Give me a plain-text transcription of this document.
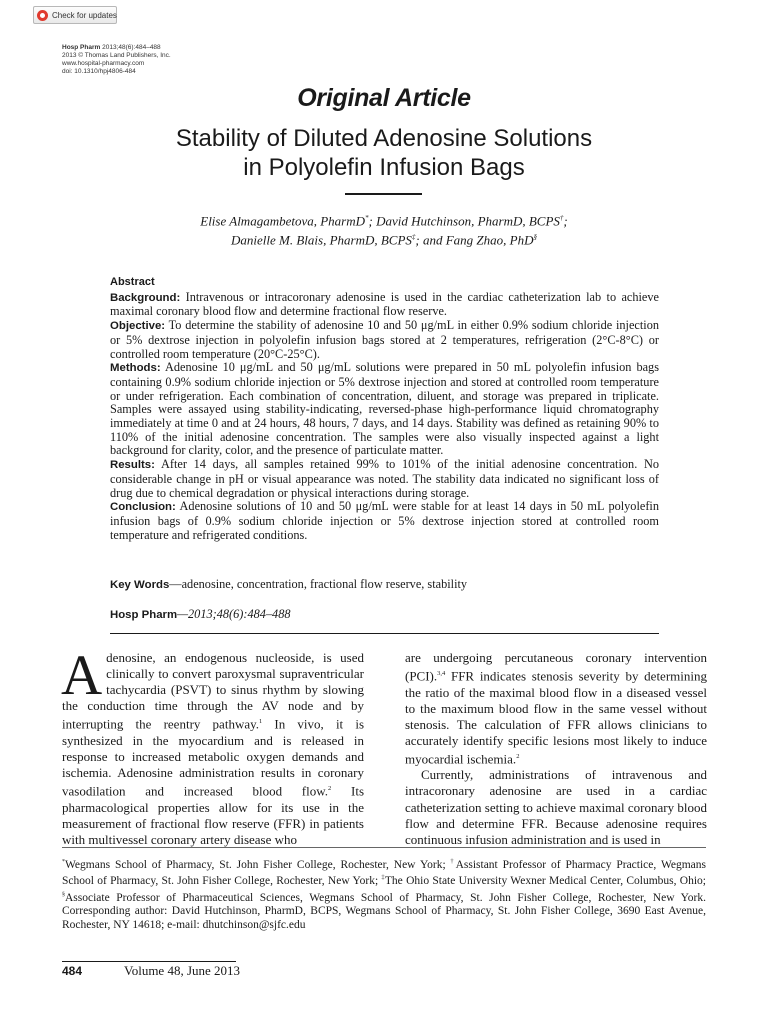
Check for updates
Hosp Pharm 2013;48(6):484–488
2013 © Thomas Land Publishers, Inc.
www.hospital-pharmacy.com
doi: 10.1310/hpj4806-484
Original Article
Stability of Diluted Adenosine Solutions
in Polyolefin Infusion Bags
Elise Almagambetova, PharmD*; David Hutchinson, PharmD, BCPS†;
Danielle M. Blais, PharmD, BCPS‡; and Fang Zhao, PhD§
Abstract

Background: Intravenous or intracoronary adenosine is used in the cardiac catheterization lab to achieve maximal coronary blood flow and determine fractional flow reserve.

Objective: To determine the stability of adenosine 10 and 50 μg/mL in either 0.9% sodium chloride injection or 5% dextrose injection in polyolefin infusion bags stored at 2 temperatures, refrigeration (2°C-8°C) or controlled room temperature (20°C-25°C).

Methods: Adenosine 10 μg/mL and 50 μg/mL solutions were prepared in 50 mL polyolefin infusion bags containing 0.9% sodium chloride injection or 5% dextrose injection and stored at controlled room temperature or under refrigeration. Each combination of concentration, diluent, and storage was prepared in triplicate. Samples were assayed using stability-indicating, reversed-phase high-performance liquid chromatography immediately at time 0 and at 24 hours, 48 hours, 7 days, and 14 days. Stability was defined as retaining 90% to 110% of the initial adenosine concentration. The samples were also visually inspected against a light background for clarity, color, and the presence of particulate matter.

Results: After 14 days, all samples retained 99% to 101% of the initial adenosine concentration. No considerable change in pH or visual appearance was noted. The stability data indicated no significant loss of drug due to chemical degradation or physical interactions during storage.

Conclusion: Adenosine solutions of 10 and 50 μg/mL were stable for at least 14 days in 50 mL polyolefin infusion bags of 0.9% sodium chloride injection or 5% dextrose injection stored at controlled room temperature and refrigerated conditions.

Key Words—adenosine, concentration, fractional flow reserve, stability
Hosp Pharm—2013;48(6):484–488

Adenosine, an endogenous nucleoside, is used clinically to convert paroxysmal supraventricular tachycardia (PSVT) to sinus rhythm by slowing the conduction time through the AV node and by interrupting the reentry pathway.$^1$ In vivo, it is synthesized in the myocardium and is released in response to increased metabolic oxygen demands and ischemia. Adenosine administration results in coronary vasodilation and increased blood flow.$^2$ Its pharmacological properties allow for its use in the measurement of fractional flow reserve (FFR) in patients with multivessel coronary artery disease who

are undergoing percutaneous coronary intervention (PCI).$^{3,4}$ FFR indicates stenosis severity by determining the ratio of the maximal blood flow in a diseased vessel to the maximum blood flow in the same vessel without stenosis. The calculation of FFR allows clinicians to accurately identify specific lesions most likely to induce myocardial ischemia.$^2$

Currently, administrations of intravenous and intracoronary adenosine are used in a cardiac catheterization setting to achieve maximal coronary blood flow and determine FFR. Because adenosine requires continuous infusion administration and is used in

*Wegmans School of Pharmacy, St. John Fisher College, Rochester, New York; †Assistant Professor of Pharmacy Practice, Wegmans School of Pharmacy, St. John Fisher College, Rochester, New York; ‡The Ohio State University Wexner Medical Center, Columbus, Ohio; §Associate Professor of Pharmaceutical Sciences, Wegmans School of Pharmacy, St. John Fisher College, Rochester, New York. Corresponding author: David Hutchinson, PharmD, BCPS, Wegmans School of Pharmacy, St. John Fisher College, 3690 East Avenue, Rochester, NY 14618; e-mail: dhutchinson@sjfc.edu
484	Volume 48, June 2013
